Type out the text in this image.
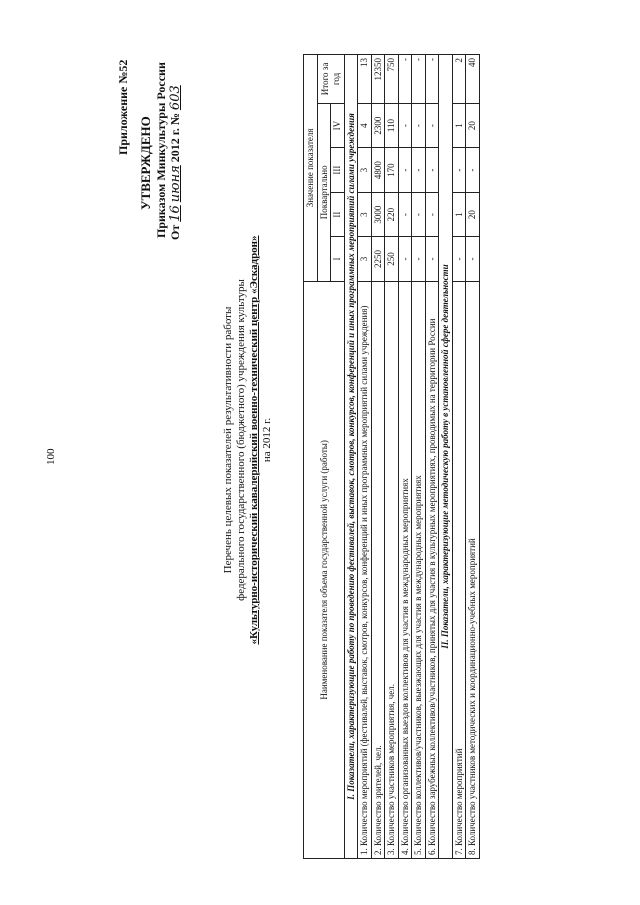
100
Приложение №52
УТВЕРЖДЕНО Приказом Минкультуры России От 16 июня 2012 г. № 603
Перечень целевых показателей результативности работы федерального государственного (бюджетного) учреждения культуры «Культурно-исторический кавалерийский военно-технический центр «Эскадрон» на 2012 г.
Наименование показателя объема государственной услуги (работы)	Значение показателя				
	Поквартально				Итого за год
	I	II	III	IV	
I. Показатели, характеризующие работу по проведению фестивалей, выставок, смотров, конкурсов, конференций и иных программных мероприятий силами учреждения					
1. Количество мероприятий (фестивалей, выставок, смотров, конкурсов, конференций и иных программных мероприятий силами учреждения)	3	3	3	4	13
2. Количество зрителей, чел.	2250	3000	4800	2300	12350
3. Количество участников мероприятия, чел.	250	220	170	110	750
4. Количество организованных выездов коллективов для участия в международных мероприятиях	-	-	-	-	-
5. Количество коллективов/участников, выезжающих для участия в международных мероприятиях	-	-	-	-	-
6. Количество зарубежных коллективов/участников, принятых для участия в культурных мероприятиях, проводимых на территории России	-	-	-	-	-
II. Показатели, характеризующие методическую работу в установленной сфере деятельности					
7. Количество мероприятий	-	1	-	1	2
8. Количество участников методических и координационно-учебных мероприятий	-	20	-	20	40
